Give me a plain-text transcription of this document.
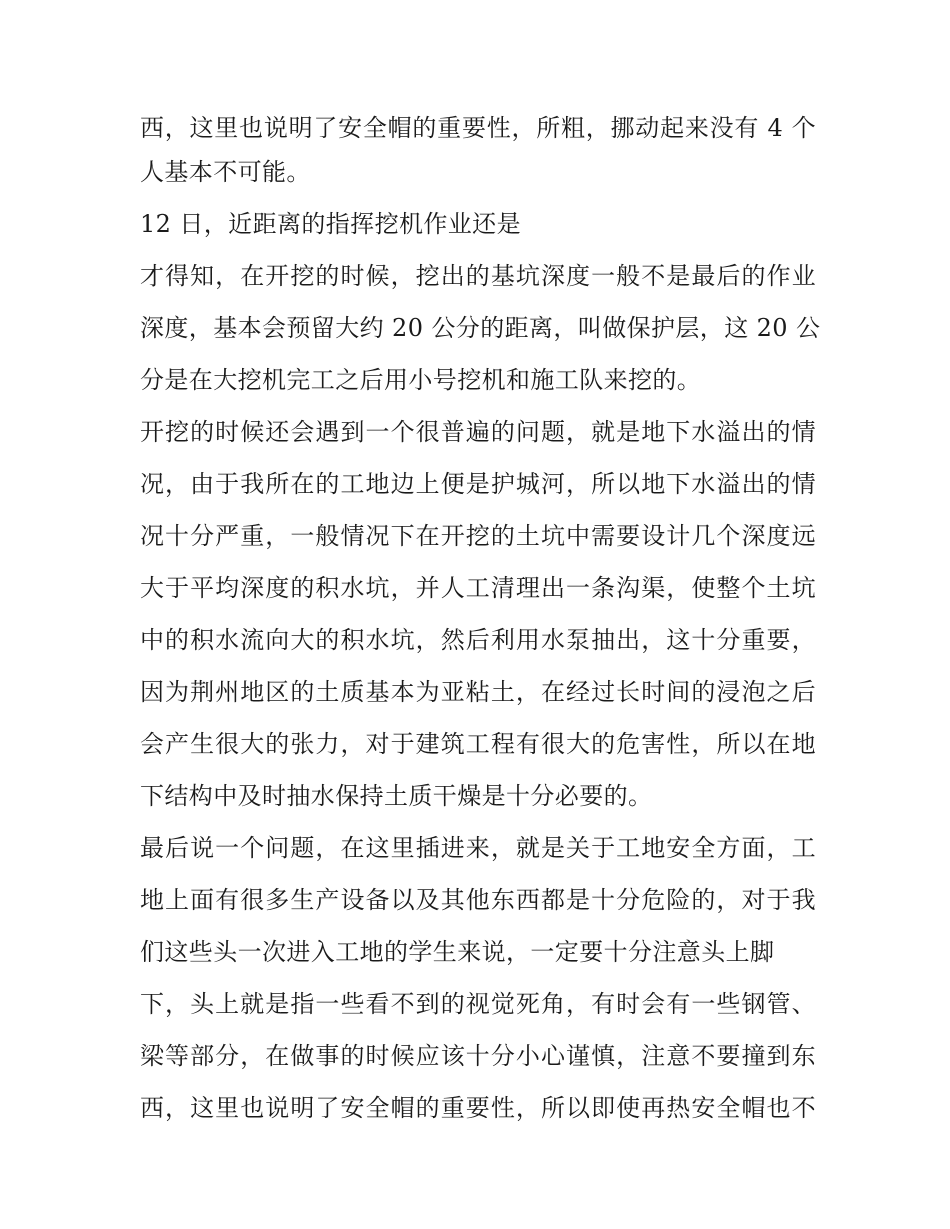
西，这里也说明了安全帽的重要性，所粗，挪动起来没有 4 个
人基本不可能。
12 日，近距离的指挥挖机作业还是
才得知，在开挖的时候，挖出的基坑深度一般不是最后的作业
深度，基本会预留大约 20 公分的距离，叫做保护层，这 20 公
分是在大挖机完工之后用小号挖机和施工队来挖的。
开挖的时候还会遇到一个很普遍的问题，就是地下水溢出的情
况，由于我所在的工地边上便是护城河，所以地下水溢出的情
况十分严重，一般情况下在开挖的土坑中需要设计几个深度远
大于平均深度的积水坑，并人工清理出一条沟渠，使整个土坑
中的积水流向大的积水坑，然后利用水泵抽出，这十分重要，
因为荆州地区的土质基本为亚粘土，在经过长时间的浸泡之后
会产生很大的张力，对于建筑工程有很大的危害性，所以在地
下结构中及时抽水保持土质干燥是十分必要的。
最后说一个问题，在这里插进来，就是关于工地安全方面，工
地上面有很多生产设备以及其他东西都是十分危险的，对于我
们这些头一次进入工地的学生来说，一定要十分注意头上脚
下，头上就是指一些看不到的视觉死角，有时会有一些钢管、
梁等部分，在做事的时候应该十分小心谨慎，注意不要撞到东
西，这里也说明了安全帽的重要性，所以即使再热安全帽也不
